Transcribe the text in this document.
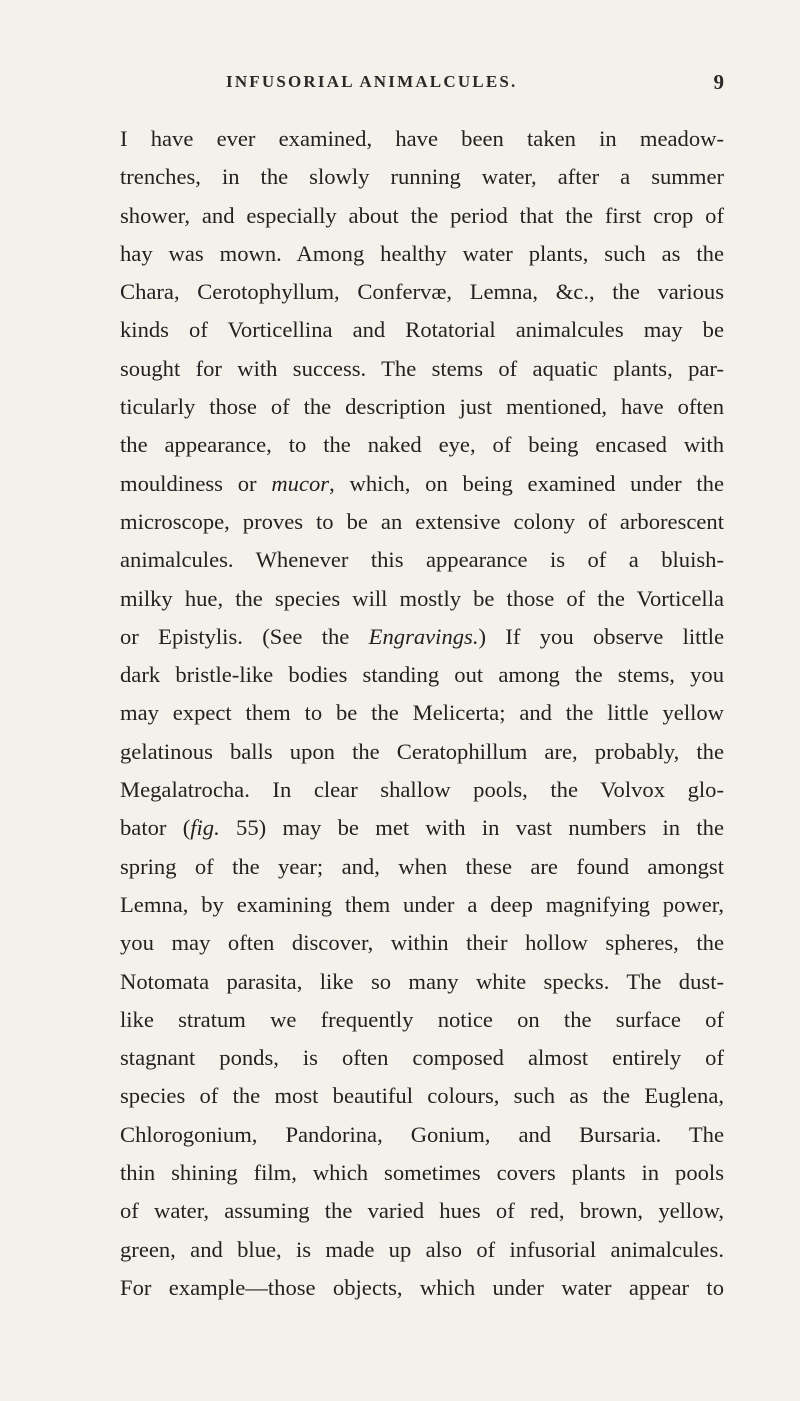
INFUSORIAL ANIMALCULES.	9
I have ever examined, have been taken in meadow-
trenches, in the slowly running water, after a summer
shower, and especially about the period that the first crop of
hay was mown. Among healthy water plants, such as the
Chara, Cerotophyllum, Confervæ, Lemna, &c., the various
kinds of Vorticellina and Rotatorial animalcules may be
sought for with success. The stems of aquatic plants, par-
ticularly those of the description just mentioned, have often
the appearance, to the naked eye, of being encased with
mouldiness or mucor, which, on being examined under the
microscope, proves to be an extensive colony of arborescent
animalcules. Whenever this appearance is of a bluish-
milky hue, the species will mostly be those of the Vorticella
or Epistylis. (See the Engravings.) If you observe little
dark bristle-like bodies standing out among the stems, you
may expect them to be the Melicerta; and the little yellow
gelatinous balls upon the Ceratophillum are, probably, the
Megalatrocha. In clear shallow pools, the Volvox glo-
bator (fig. 55) may be met with in vast numbers in the
spring of the year; and, when these are found amongst
Lemna, by examining them under a deep magnifying power,
you may often discover, within their hollow spheres, the
Notomata parasita, like so many white specks. The dust-
like stratum we frequently notice on the surface of
stagnant ponds, is often composed almost entirely of
species of the most beautiful colours, such as the Euglena,
Chlorogonium, Pandorina, Gonium, and Bursaria. The
thin shining film, which sometimes covers plants in pools
of water, assuming the varied hues of red, brown, yellow,
green, and blue, is made up also of infusorial animalcules.
For example—those objects, which under water appear to
